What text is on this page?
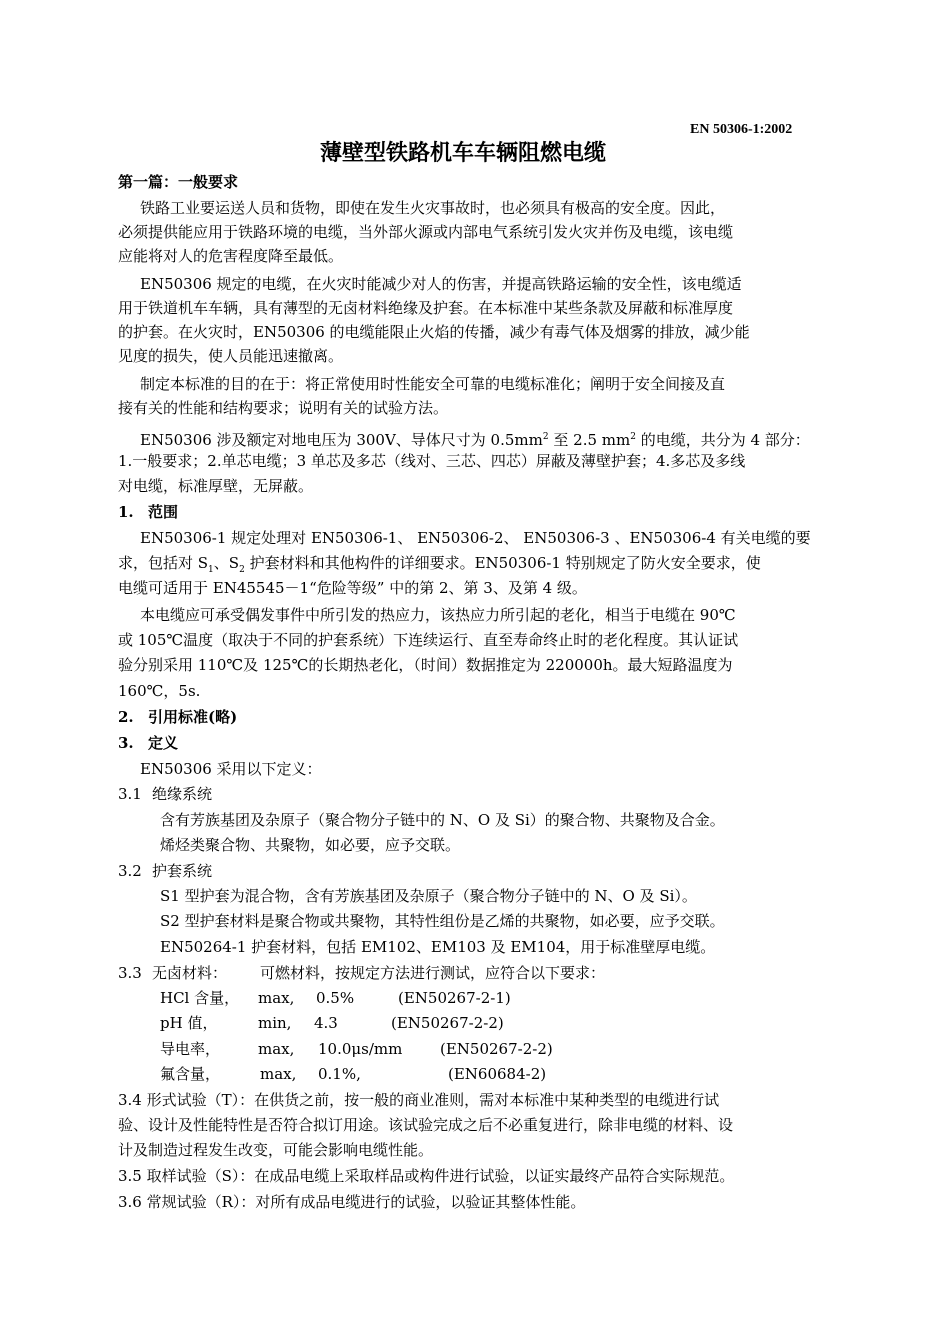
EN 50306-1:2002
薄壁型铁路机车车辆阻燃电缆
第一篇：一般要求
铁路工业要运送人员和货物，即使在发生火灾事故时，也必须具有极高的安全度。因此，
必须提供能应用于铁路环境的电缆，当外部火源或内部电气系统引发火灾并伤及电缆，该电缆
应能将对人的危害程度降至最低。
EN50306 规定的电缆，在火灾时能减少对人的伤害，并提高铁路运输的安全性，该电缆适
用于铁道机车车辆，具有薄型的无卤材料绝缘及护套。在本标准中某些条款及屏蔽和标准厚度
的护套。在火灾时，EN50306 的电缆能限止火焰的传播，减少有毒气体及烟雾的排放，减少能
见度的损失，使人员能迅速撤离。
制定本标准的目的在于：将正常使用时性能安全可靠的电缆标准化；阐明于安全间接及直
接有关的性能和结构要求；说明有关的试验方法。
EN50306 涉及额定对地电压为 300V、导体尺寸为 $0.5mm^2$ 至 2.5 $mm^2$ 的电缆，共分为 4 部分：
1.一般要求；2.单芯电缆；3 单芯及多芯（线对、三芯、四芯）屏蔽及薄壁护套；4.多芯及多线
对电缆，标准厚壁，无屏蔽。
1. 范围
EN50306-1 规定处理对 EN50306-1、 EN50306-2、 EN50306-3 、EN50306-4 有关电缆的要
求，包括对 $S_1$、$S_2$ 护套材料和其他构件的详细要求。EN50306-1 特别规定了防火安全要求，使
电缆可适用于 EN45545－1“危险等级” 中的第 2、第 3、及第 4 级。
本电缆应可承受偶发事件中所引发的热应力，该热应力所引起的老化，相当于电缆在 90℃
或 105℃温度（取决于不同的护套系统）下连续运行、直至寿命终止时的老化程度。其认证试
验分别采用 110℃及 125℃的长期热老化，（时间）数据推定为 220000h。最大短路温度为
160℃，5s.
2. 引用标准(略)
3. 定义
EN50306 采用以下定义：
3.1 绝缘系统
含有芳族基团及杂原子（聚合物分子链中的 N、O 及 Si）的聚合物、共聚物及合金。
烯烃类聚合物、共聚物，如必要，应予交联。
3.2 护套系统
S1 型护套为混合物，含有芳族基团及杂原子（聚合物分子链中的 N、O 及 Si）。
S2 型护套材料是聚合物或共聚物，其特性组份是乙烯的共聚物，如必要，应予交联。
EN50264-1 护套材料，包括 EM102、EM103 及 EM104，用于标准壁厚电缆。
3.3 无卤材料： 可燃材料，按规定方法进行测试，应符合以下要求：
HCl 含量， max, 0.5%	(EN50267-2-1)
pH 值，	min, 4.3	(EN50267-2-2)
导电率，	max, 10.0μs/mm	(EN50267-2-2)
氟含量，	max, 0.1%,	(EN60684-2)
3.4 形式试验（T）：在供货之前，按一般的商业准则，需对本标准中某种类型的电缆进行试
验、设计及性能特性是否符合拟订用途。该试验完成之后不必重复进行，除非电缆的材料、设
计及制造过程发生改变，可能会影响电缆性能。
3.5 取样试验（S）：在成品电缆上采取样品或构件进行试验，以证实最终产品符合实际规范。
3.6 常规试验（R）：对所有成品电缆进行的试验，以验证其整体性能。
